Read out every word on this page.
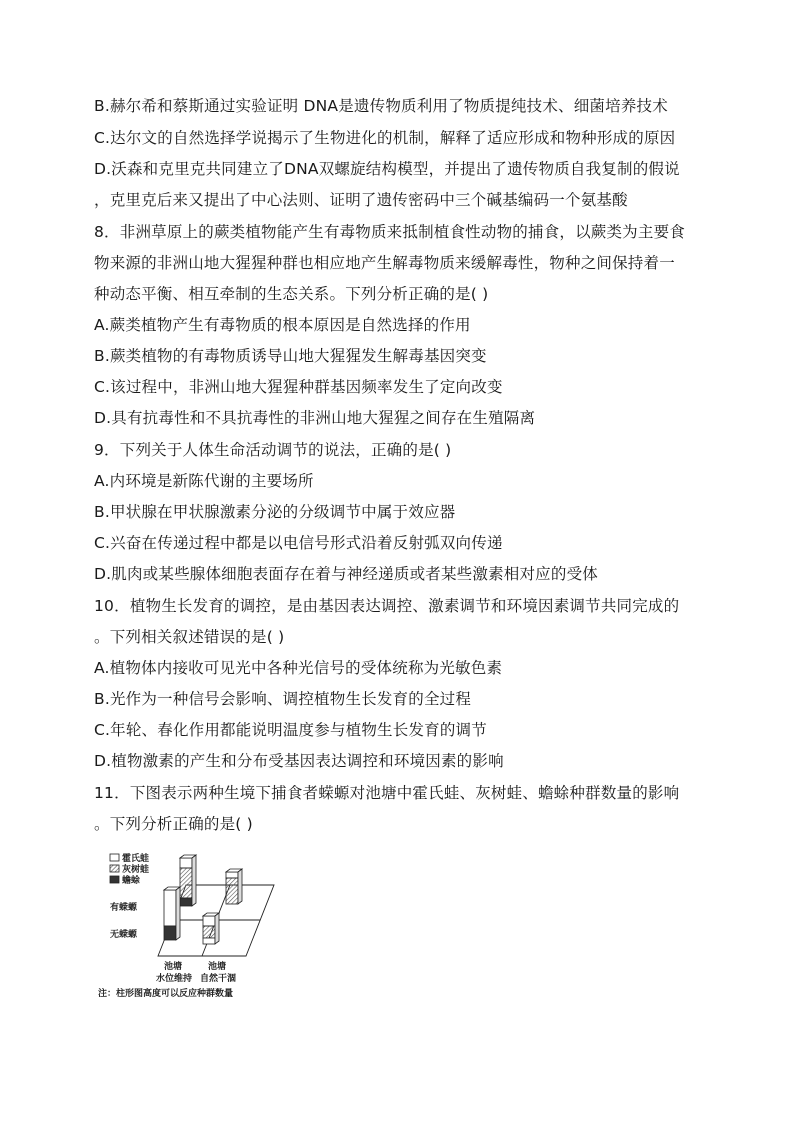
B.赫尔希和蔡斯通过实验证明 DNA是遗传物质利用了物质提纯技术、细菌培养技术
C.达尔文的自然选择学说揭示了生物进化的机制，解释了适应形成和物种形成的原因
D.沃森和克里克共同建立了DNA双螺旋结构模型，并提出了遗传物质自我复制的假说
，克里克后来又提出了中心法则、证明了遗传密码中三个碱基编码一个氨基酸
8．非洲草原上的蕨类植物能产生有毒物质来抵制植食性动物的捕食，以蕨类为主要食
物来源的非洲山地大猩猩种群也相应地产生解毒物质来缓解毒性，物种之间保持着一
种动态平衡、相互牵制的生态关系。下列分析正确的是( )
A.蕨类植物产生有毒物质的根本原因是自然选择的作用
B.蕨类植物的有毒物质诱导山地大猩猩发生解毒基因突变
C.该过程中，非洲山地大猩猩种群基因频率发生了定向改变
D.具有抗毒性和不具抗毒性的非洲山地大猩猩之间存在生殖隔离
9．下列关于人体生命活动调节的说法，正确的是( )
A.内环境是新陈代谢的主要场所
B.甲状腺在甲状腺激素分泌的分级调节中属于效应器
C.兴奋在传递过程中都是以电信号形式沿着反射弧双向传递
D.肌肉或某些腺体细胞表面存在着与神经递质或者某些激素相对应的受体
10．植物生长发育的调控，是由基因表达调控、激素调节和环境因素调节共同完成的
。下列相关叙述错误的是( )
A.植物体内接收可见光中各种光信号的受体统称为光敏色素
B.光作为一种信号会影响、调控植物生长发育的全过程
C.年轮、春化作用都能说明温度参与植物生长发育的调节
D.植物激素的产生和分布受基因表达调控和环境因素的影响
11．下图表示两种生境下捕食者蝾螈对池塘中霍氏蛙、灰树蛙、蟾蜍种群数量的影响
。下列分析正确的是( )
霍氏蛙
灰树蛙
蟾蜍
有蝾螈
无蝾螈
池塘
水位维持
池塘
自然干涸
注：柱形图高度可以反应种群数量
